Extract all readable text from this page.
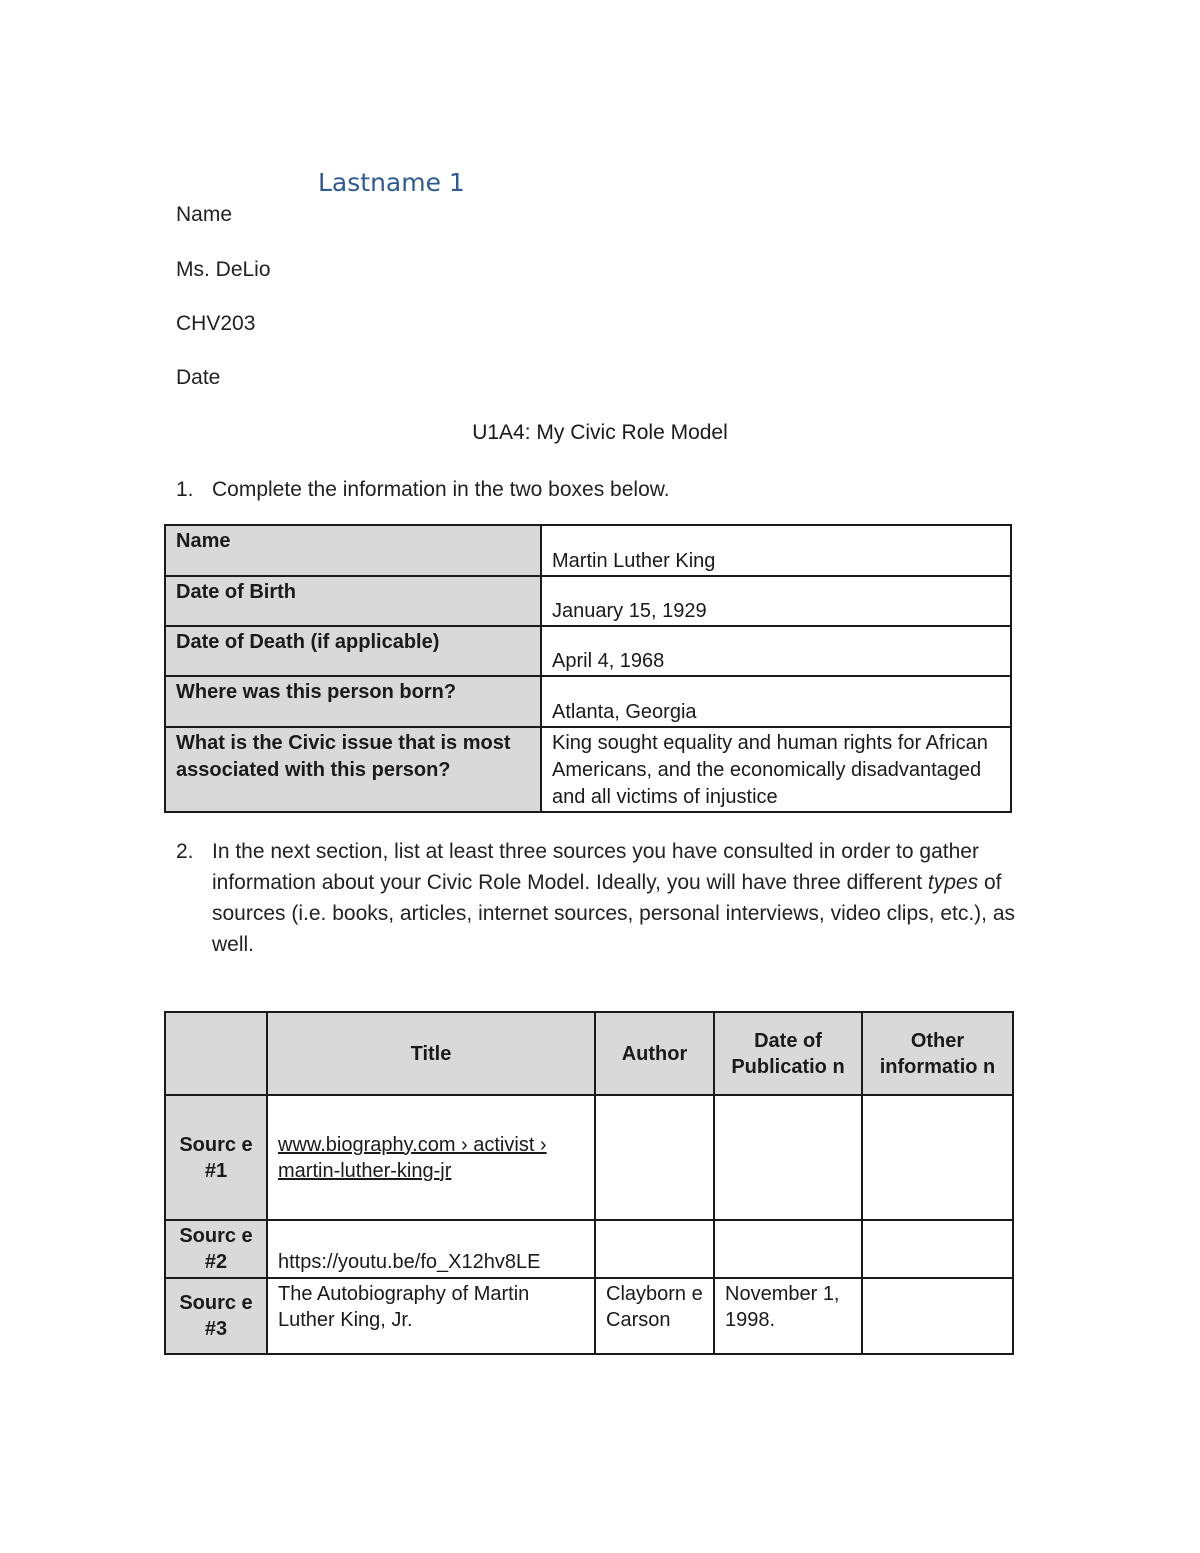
Lastname 1
Name
Ms. DeLio
CHV203
Date
U1A4: My Civic Role Model
1. Complete the information in the two boxes below.
Name	Martin Luther King
Date of Birth	January 15, 1929
Date of Death (if applicable)	April 4, 1968
Where was this person born?	Atlanta, Georgia
What is the Civic issue that is most associated with this person?	King sought equality and human rights for African Americans, and the economically disadvantaged and all victims of injustice
2. In the next section, list at least three sources you have consulted in order to gather information about your Civic Role Model. Ideally, you will have three different types of sources (i.e. books, articles, internet sources, personal interviews, video clips, etc.), as well.
	Title	Author	Date of Publicatio n	Other informatio n
Sourc e #1	www.biography.com › activist › martin-luther-king-jr			
Sourc e #2	https://youtu.be/fo_X12hv8LE			
Sourc e #3	The Autobiography of Martin Luther King, Jr.	Clayborn e Carson	November 1, 1998.	
